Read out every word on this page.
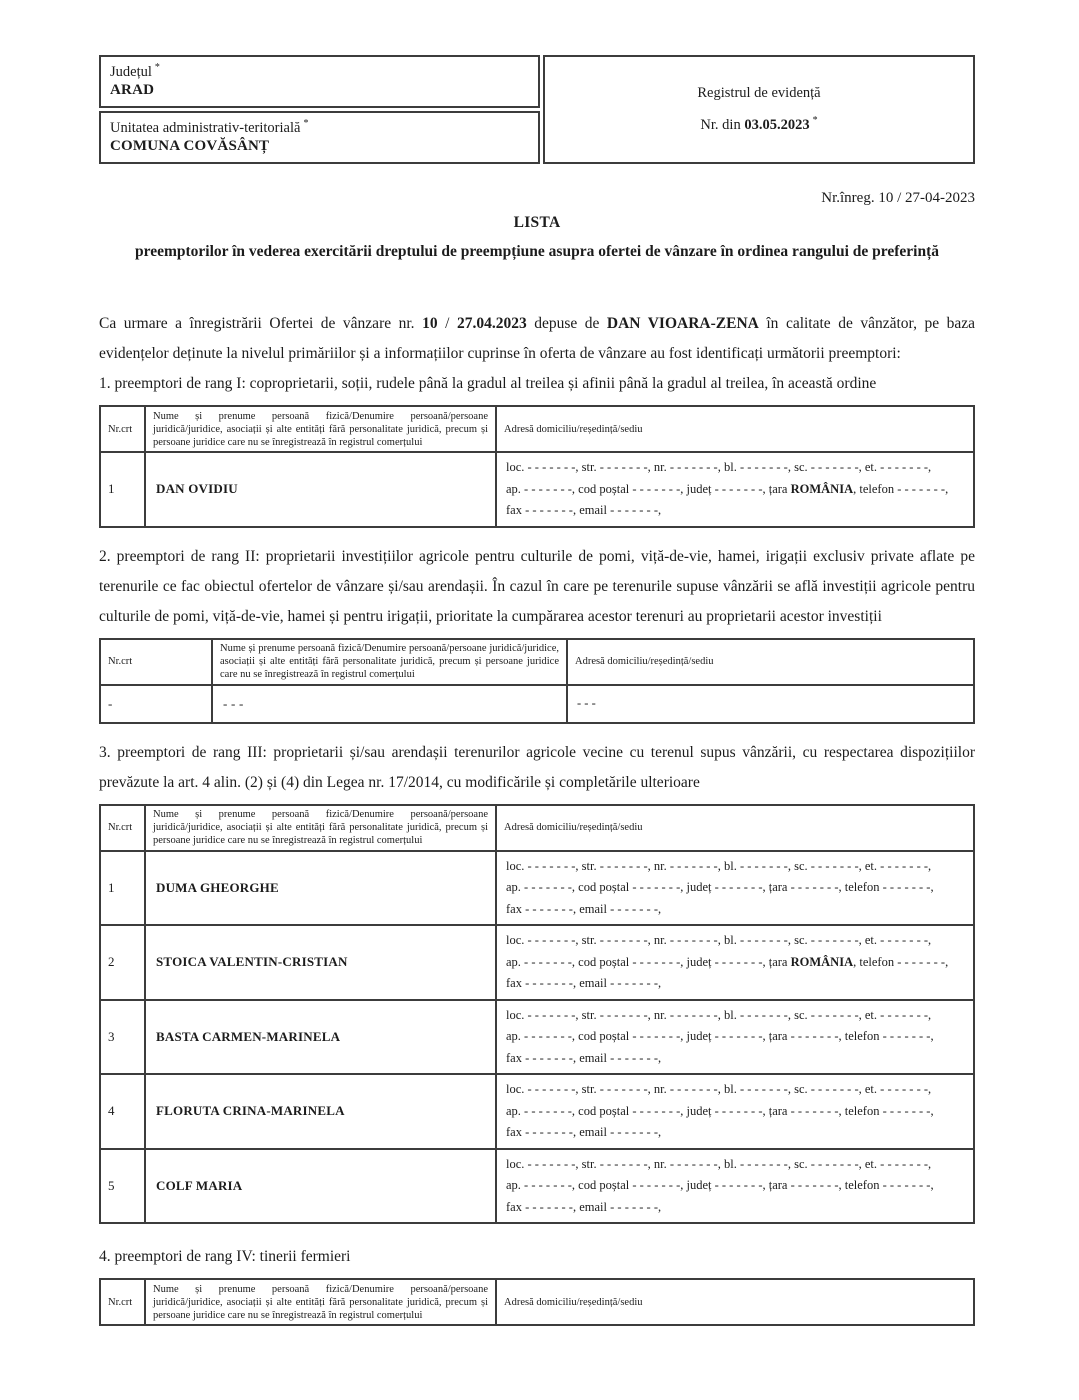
Județul *
ARAD
Unitatea administrativ-teritorială *
COMUNA COVĂSÂNȚ
Registrul de evidență
Nr. din 03.05.2023 *
Nr.înreg. 10 / 27-04-2023
LISTA
preemptorilor în vederea exercitării dreptului de preempțiune asupra ofertei de vânzare în ordinea rangului de preferință

Ca urmare a înregistrării Ofertei de vânzare nr. 10 / 27.04.2023 depuse de DAN VIOARA-ZENA în calitate de vânzător, pe baza evidențelor deținute la nivelul primăriilor și a informațiilor cuprinse în oferta de vânzare au fost identificați următorii preemptori:

1. preemptori de rang I: coproprietarii, soții, rudele până la gradul al treilea și afinii până la gradul al treilea, în această ordine

Nr.crt	Nume și prenume persoană fizică/Denumire persoană/persoane juridică/juridice, asociații și alte entități fără personalitate juridică, precum și persoane juridice care nu se înregistrează în registrul comerțului	Adresă domiciliu/reședință/sediu
1	DAN OVIDIU	loc. - - - - - - -, str. - - - - - - -, nr. - - - - - - -, bl. - - - - - - -, sc. - - - - - - -, et. - - - - - - -,
ap. - - - - - - -, cod poștal - - - - - - -, județ - - - - - - -, țara ROMÂNIA, telefon - - - - - - -,
fax - - - - - - -, email - - - - - - -,

2. preemptori de rang II: proprietarii investițiilor agricole pentru culturile de pomi, viță-de-vie, hamei, irigații exclusiv private aflate pe terenurile ce fac obiectul ofertelor de vânzare și/sau arendașii. În cazul în care pe terenurile supuse vânzării se află investiții agricole pentru culturile de pomi, viță-de-vie, hamei și pentru irigații, prioritate la cumpărarea acestor terenuri au proprietarii acestor investiții

Nr.crt	Nume și prenume persoană fizică/Denumire persoană/persoane juridică/juridice, asociații și alte entități fără personalitate juridică, precum și persoane juridice care nu se înregistrează în registrul comerțului	Adresă domiciliu/reședință/sediu
-	- - -	- - -

3. preemptori de rang III: proprietarii și/sau arendașii terenurilor agricole vecine cu terenul supus vânzării, cu respectarea dispozițiilor prevăzute la art. 4 alin. (2) și (4) din Legea nr. 17/2014, cu modificările și completările ulterioare

Nr.crt	Nume și prenume persoană fizică/Denumire persoană/persoane juridică/juridice, asociații și alte entități fără personalitate juridică, precum și persoane juridice care nu se înregistrează în registrul comerțului	Adresă domiciliu/reședință/sediu
1	DUMA GHEORGHE	loc. - - - - - - -, str. - - - - - - -, nr. - - - - - - -, bl. - - - - - - -, sc. - - - - - - -, et. - - - - - - -,
ap. - - - - - - -, cod poștal - - - - - - -, județ - - - - - - -, țara - - - - - - -, telefon - - - - - - -,
fax - - - - - - -, email - - - - - - -,

2	STOICA VALENTIN-CRISTIAN	loc. - - - - - - -, str. - - - - - - -, nr. - - - - - - -, bl. - - - - - - -, sc. - - - - - - -, et. - - - - - - -,
ap. - - - - - - -, cod poștal - - - - - - -, județ - - - - - - -, țara ROMÂNIA, telefon - - - - - - -,
fax - - - - - - -, email - - - - - - -,

3	BASTA CARMEN-MARINELA	loc. - - - - - - -, str. - - - - - - -, nr. - - - - - - -, bl. - - - - - - -, sc. - - - - - - -, et. - - - - - - -,
ap. - - - - - - -, cod poștal - - - - - - -, județ - - - - - - -, țara - - - - - - -, telefon - - - - - - -,
fax - - - - - - -, email - - - - - - -,

4	FLORUTA CRINA-MARINELA	loc. - - - - - - -, str. - - - - - - -, nr. - - - - - - -, bl. - - - - - - -, sc. - - - - - - -, et. - - - - - - -,
ap. - - - - - - -, cod poștal - - - - - - -, județ - - - - - - -, țara - - - - - - -, telefon - - - - - - -,
fax - - - - - - -, email - - - - - - -,

5	COLF MARIA	loc. - - - - - - -, str. - - - - - - -, nr. - - - - - - -, bl. - - - - - - -, sc. - - - - - - -, et. - - - - - - -,
ap. - - - - - - -, cod poștal - - - - - - -, județ - - - - - - -, țara - - - - - - -, telefon - - - - - - -,
fax - - - - - - -, email - - - - - - -,

4. preemptori de rang IV: tinerii fermieri

Nr.crt	Nume și prenume persoană fizică/Denumire persoană/persoane juridică/juridice, asociații și alte entități fără personalitate juridică, precum și persoane juridice care nu se înregistrează în registrul comerțului	Adresă domiciliu/reședință/sediu
